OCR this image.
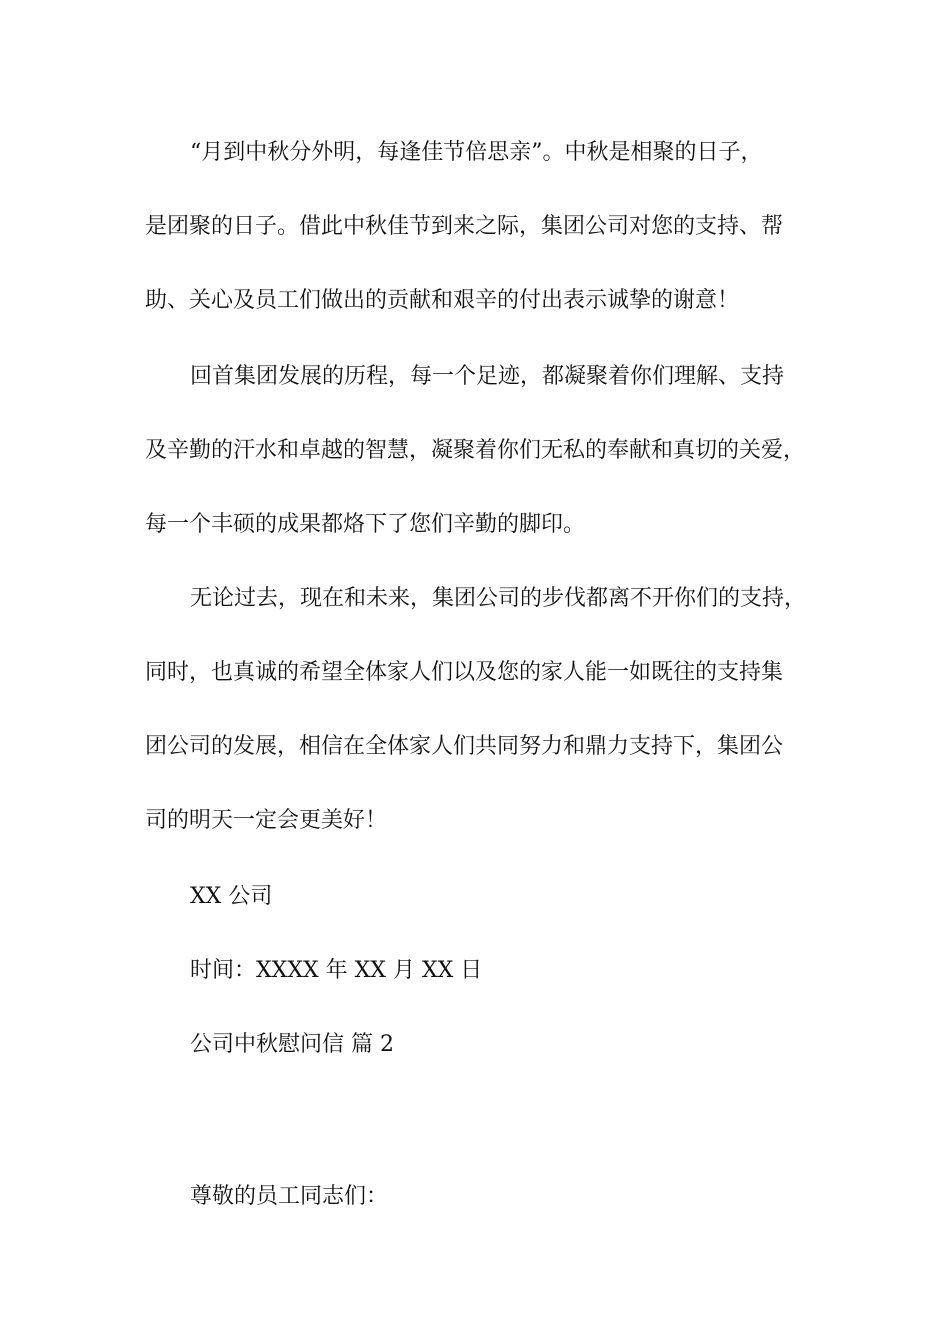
“月到中秋分外明，每逢佳节倍思亲”。中秋是相聚的日子，
是团聚的日子。借此中秋佳节到来之际，集团公司对您的支持、帮
助、关心及员工们做出的贡献和艰辛的付出表示诚挚的谢意！
回首集团发展的历程，每一个足迹，都凝聚着你们理解、支持
及辛勤的汗水和卓越的智慧，凝聚着你们无私的奉献和真切的关爱，
每一个丰硕的成果都烙下了您们辛勤的脚印。
无论过去，现在和未来，集团公司的步伐都离不开你们的支持，
同时，也真诚的希望全体家人们以及您的家人能一如既往的支持集
团公司的发展，相信在全体家人们共同努力和鼎力支持下，集团公
司的明天一定会更美好！
XX 公司
时间：XXXX 年 XX 月 XX 日
公司中秋慰问信 篇 2
尊敬的员工同志们：
